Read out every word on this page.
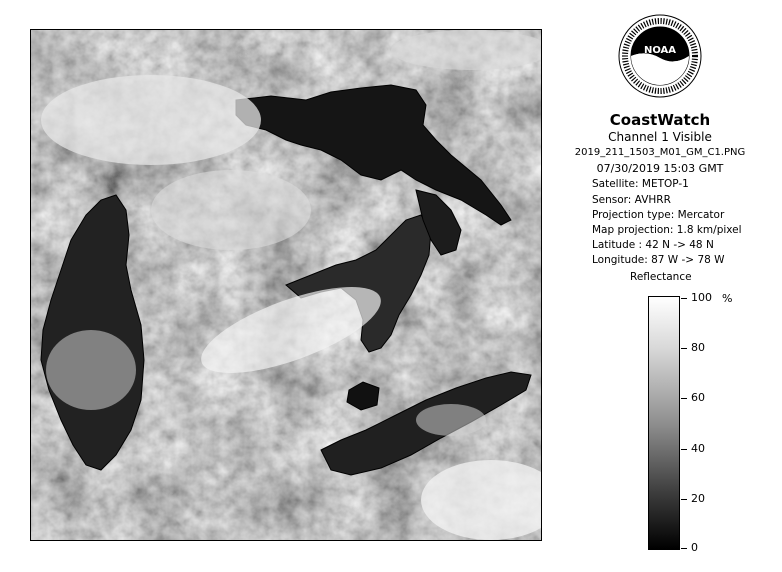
NOAA
CoastWatch
Channel 1 Visible
2019_211_1503_M01_GM_C1.PNG
07/30/2019 15:03 GMT
Satellite: METOP-1
Sensor: AVHRR
Projection type: Mercator
Map projection: 1.8 km/pixel
Latitude : 42 N -> 48 N
Longitude: 87 W -> 78 W
Reflectance
%
100
80
60
40
20
0
